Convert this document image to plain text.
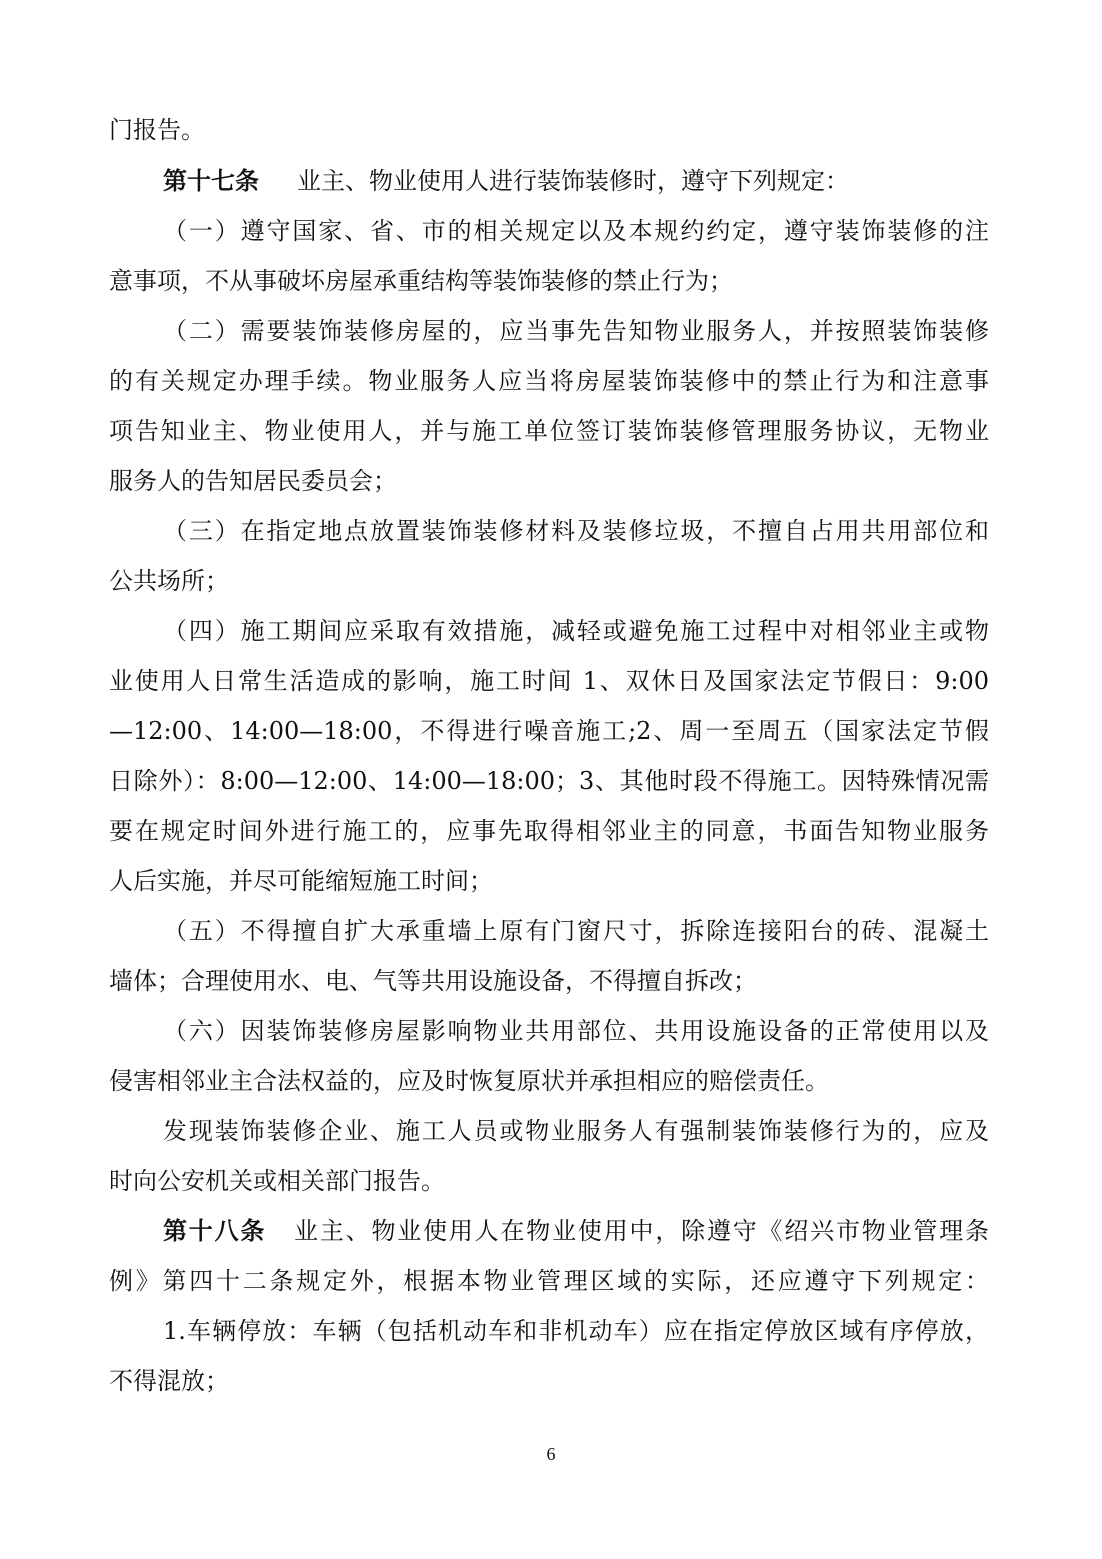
门报告。
第十七条 业主、物业使用人进行装饰装修时，遵守下列规定：
（一）遵守国家、省、市的相关规定以及本规约约定，遵守装饰装修的注
意事项，不从事破坏房屋承重结构等装饰装修的禁止行为；
（二）需要装饰装修房屋的，应当事先告知物业服务人，并按照装饰装修
的有关规定办理手续。物业服务人应当将房屋装饰装修中的禁止行为和注意事
项告知业主、物业使用人，并与施工单位签订装饰装修管理服务协议，无物业
服务人的告知居民委员会；
（三）在指定地点放置装饰装修材料及装修垃圾，不擅自占用共用部位和
公共场所；
（四）施工期间应采取有效措施，减轻或避免施工过程中对相邻业主或物
业使用人日常生活造成的影响，施工时间 1、双休日及国家法定节假日：9:00
—12:00、14:00—18:00，不得进行噪音施工;2、周一至周五（国家法定节假
日除外）：8:00—12:00、14:00—18:00；3、其他时段不得施工。因特殊情况需
要在规定时间外进行施工的，应事先取得相邻业主的同意，书面告知物业服务
人后实施，并尽可能缩短施工时间；
（五）不得擅自扩大承重墙上原有门窗尺寸，拆除连接阳台的砖、混凝土
墙体；合理使用水、电、气等共用设施设备，不得擅自拆改；
（六）因装饰装修房屋影响物业共用部位、共用设施设备的正常使用以及
侵害相邻业主合法权益的，应及时恢复原状并承担相应的赔偿责任。
发现装饰装修企业、施工人员或物业服务人有强制装饰装修行为的，应及
时向公安机关或相关部门报告。
第十八条 业主、物业使用人在物业使用中，除遵守《绍兴市物业管理条
例》第四十二条规定外，根据本物业管理区域的实际，还应遵守下列规定：
1.车辆停放：车辆（包括机动车和非机动车）应在指定停放区域有序停放，
不得混放；
6
